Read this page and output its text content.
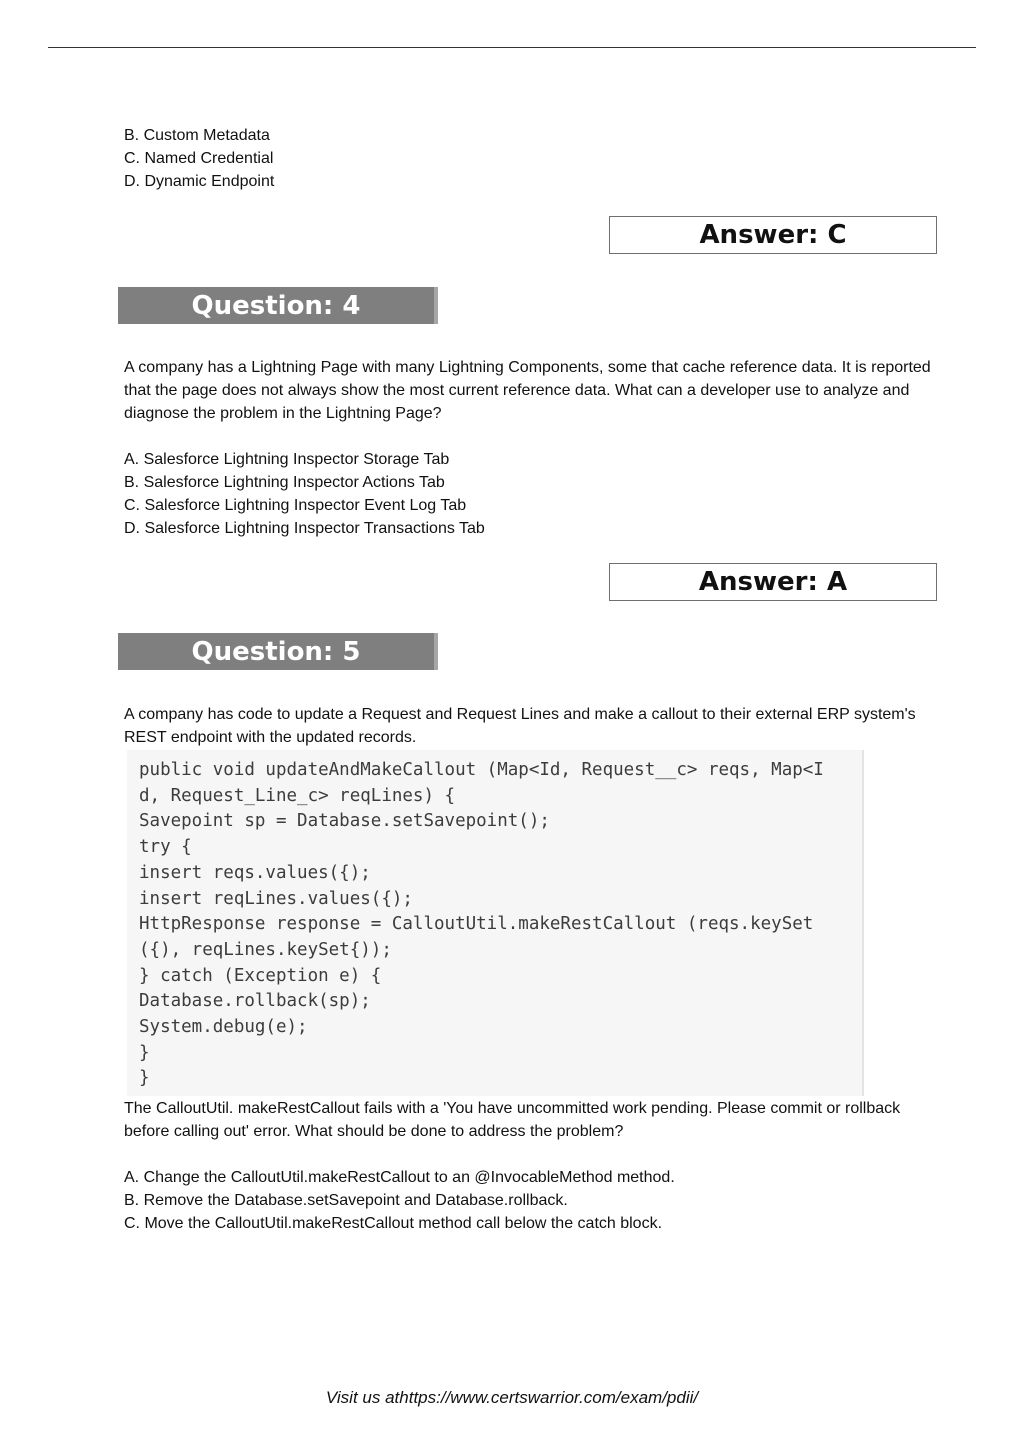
B. Custom Metadata
C. Named Credential
D. Dynamic Endpoint
Answer: C
Question: 4

A company has a Lightning Page with many Lightning Components, some that cache reference data. It is reported that the page does not always show the most current reference data. What can a developer use to analyze and diagnose the problem in the Lightning Page?

A. Salesforce Lightning Inspector Storage Tab
B. Salesforce Lightning Inspector Actions Tab
C. Salesforce Lightning Inspector Event Log Tab
D. Salesforce Lightning Inspector Transactions Tab
Answer: A
Question: 5

A company has code to update a Request and Request Lines and make a callout to their external ERP system's REST endpoint with the updated records.

public void updateAndMakeCallout (Map<Id, Request__c> reqs, Map<I
d, Request_Line_c> reqLines) {
Savepoint sp = Database.setSavepoint();
try {
insert reqs.values({);
insert reqLines.values({);
HttpResponse response = CalloutUtil.makeRestCallout (reqs.keySet
({), reqLines.keySet{));
} catch (Exception e) {
Database.rollback(sp);
System.debug(e);
}
}

The CalloutUtil. makeRestCallout fails with a 'You have uncommitted work pending. Please commit or rollback before calling out' error. What should be done to address the problem?

A. Change the CalloutUtil.makeRestCallout to an @InvocableMethod method.
B. Remove the Database.setSavepoint and Database.rollback.
C. Move the CalloutUtil.makeRestCallout method call below the catch block.
Visit us athttps://www.certswarrior.com/exam/pdii/
